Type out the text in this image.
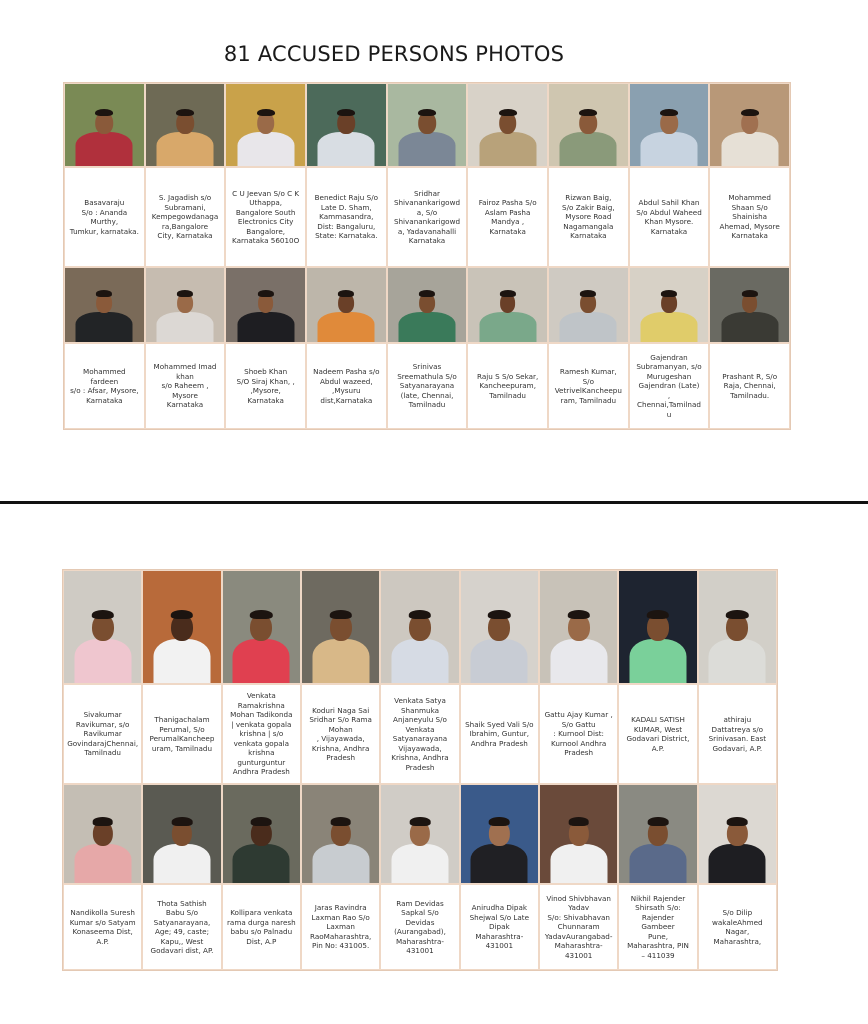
81 ACCUSED PERSONS PHOTOS
Basavaraju
S/o : Ananda
Murthy,
Tumkur, karnataka.
S. Jagadish s/o
Subramani,
Kempegowdanaga
ra,Bangalore
City, Karnataka
C U Jeevan S/o C K
Uthappa,
Bangalore South
Electronics City
Bangalore,
Karnataka 56010O
Benedict Raju S/o
Late D. Sham,
Kammasandra,
Dist: Bangaluru,
State: Karnataka.
Sridhar
Shivanankarigowd
a, S/o
Shivanankarigowd
a, Yadavanahalli
Karnataka
Fairoz Pasha S/o
Aslam Pasha
Mandya ,
Karnataka
Rizwan Baig,
S/o Zakir Baig,
Mysore Road
Nagamangala
Karnataka
Abdul Sahil Khan
S/o Abdul Waheed
Khan Mysore.
Karnataka
Mohammed
Shaan S/o
Shainisha
Ahemad, Mysore
Karnataka
Mohammed
fardeen
s/o : Afsar, Mysore,
Karnataka
Mohammed Imad
khan
s/o Raheem ,
Mysore
Karnataka
Shoeb Khan
S/O Siraj Khan, ,
,Mysore,
Karnataka
Nadeem Pasha s/o
Abdul wazeed,
,Mysuru
dist,Karnataka
Srinivas
Sreemathula S/o
Satyanarayana
(late, Chennai,
Tamilnadu
Raju S S/o Sekar,
Kancheepuram,
Tamilnadu
Ramesh Kumar,
S/o
VetrivelKancheepu
ram, Tamilnadu
Gajendran
Subramanyan, s/o
Murugeshan
Gajendran (Late)
,
Chennai,Tamilnad
u
Prashant R, S/o
Raja, Chennai,
Tamilnadu.
Sivakumar
Ravikumar, s/o
Ravikumar
GovindarajChennai,
Tamilnadu
Thanigachalam
Perumal, S/o
PerumalKancheep
uram, Tamilnadu
Venkata
Ramakrishna
Mohan Tadikonda
| venkata gopala
krishna | s/o
venkata gopala
krishna
gunturguntur
Andhra Pradesh
Koduri Naga Sai
Sridhar S/o Rama
Mohan
, Vijayawada,
Krishna, Andhra
Pradesh
Venkata Satya
Shanmuka
Anjaneyulu S/o
Venkata
Satyanarayana
Vijayawada,
Krishna, Andhra
Pradesh
Shaik Syed Vali S/o
Ibrahim, Guntur,
Andhra Pradesh
Gattu Ajay Kumar ,
S/o Gattu
: Kurnool Dist:
Kurnool Andhra
Pradesh
KADALI SATISH
KUMAR, West
Godavari District,
A.P.
athiraju
Dattatreya s/o
Srinivasan. East
Godavari, A.P.
Nandikolla Suresh
Kumar s/o Satyam
Konaseema Dist,
A.P.
Thota Sathish
Babu S/o
Satyanarayana,
Age; 49, caste;
Kapu,, West
Godavari dist, AP.
Kollipara venkata
rama durga naresh
babu s/o Palnadu
Dist, A.P
Jaras Ravindra
Laxman Rao S/o
Laxman
RaoMaharashtra,
Pin No: 431005.
Ram Devidas
Sapkal S/o
Devidas
(Aurangabad),
Maharashtra-
431001
Anirudha Dipak
Shejwal S/o Late
Dipak
Maharashtra-
431001
Vinod Shivbhavan
Yadav
S/o: Shivabhavan
Chunnaram
YadavAurangabad-
Maharashtra-
431001
Nikhil Rajender
Shirsath S/o:
Rajender
Gambeer
Pune,
Maharashtra, PIN
– 411039
S/o Dilip
wakaleAhmed
Nagar,
Maharashtra,
